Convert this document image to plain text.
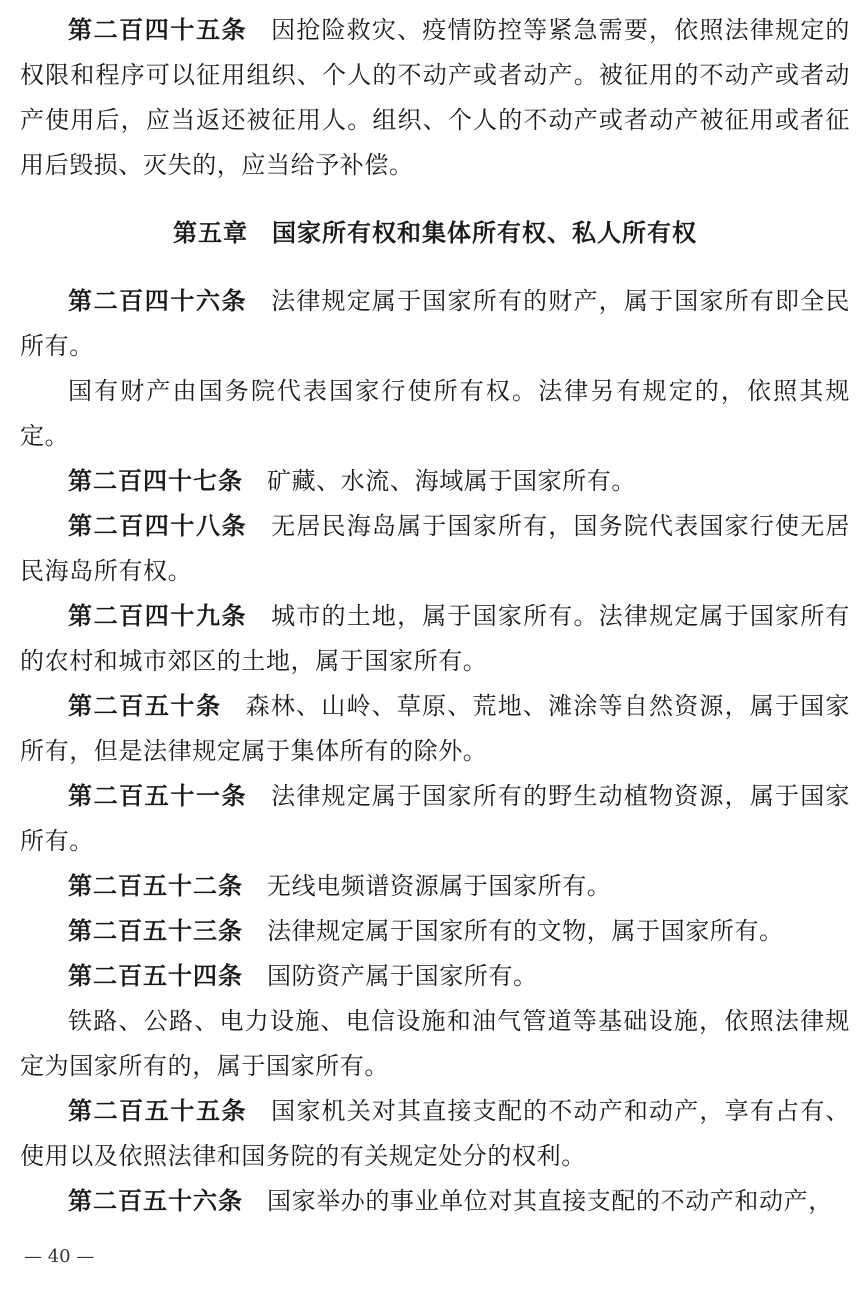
第二百四十五条 因抢险救灾、疫情防控等紧急需要，依照法律规定的权限和程序可以征用组织、个人的不动产或者动产。被征用的不动产或者动产使用后，应当返还被征用人。组织、个人的不动产或者动产被征用或者征用后毁损、灭失的，应当给予补偿。

第五章 国家所有权和集体所有权、私人所有权

第二百四十六条 法律规定属于国家所有的财产，属于国家所有即全民所有。

国有财产由国务院代表国家行使所有权。法律另有规定的，依照其规定。

第二百四十七条 矿藏、水流、海域属于国家所有。

第二百四十八条 无居民海岛属于国家所有，国务院代表国家行使无居民海岛所有权。

第二百四十九条 城市的土地，属于国家所有。法律规定属于国家所有的农村和城市郊区的土地，属于国家所有。

第二百五十条 森林、山岭、草原、荒地、滩涂等自然资源，属于国家所有，但是法律规定属于集体所有的除外。

第二百五十一条 法律规定属于国家所有的野生动植物资源，属于国家所有。

第二百五十二条 无线电频谱资源属于国家所有。

第二百五十三条 法律规定属于国家所有的文物，属于国家所有。

第二百五十四条 国防资产属于国家所有。

铁路、公路、电力设施、电信设施和油气管道等基础设施，依照法律规定为国家所有的，属于国家所有。

第二百五十五条 国家机关对其直接支配的不动产和动产，享有占有、使用以及依照法律和国务院的有关规定处分的权利。

第二百五十六条 国家举办的事业单位对其直接支配的不动产和动产，

— 40 —
